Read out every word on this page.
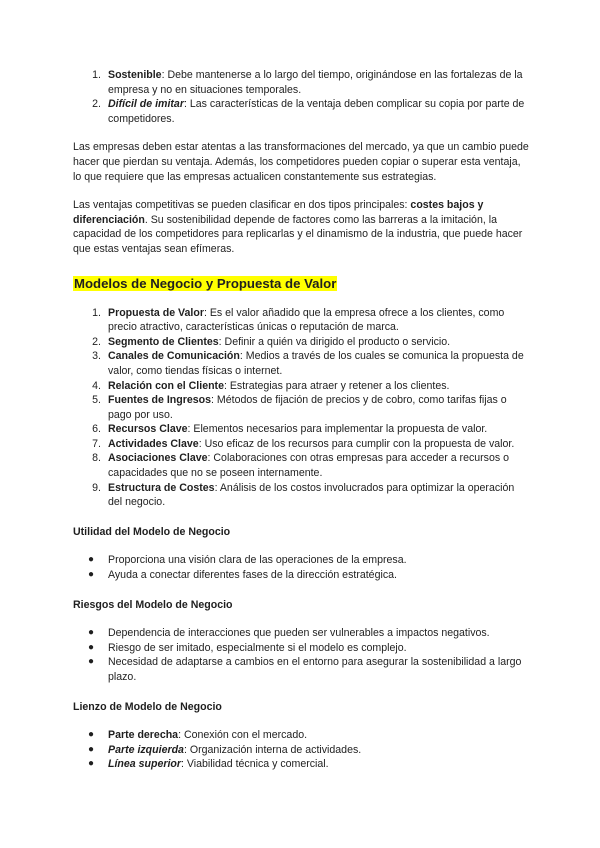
1. Sostenible: Debe mantenerse a lo largo del tiempo, originándose en las fortalezas de la empresa y no en situaciones temporales.
2. Difícil de imitar: Las características de la ventaja deben complicar su copia por parte de competidores.

Las empresas deben estar atentas a las transformaciones del mercado, ya que un cambio puede hacer que pierdan su ventaja. Además, los competidores pueden copiar o superar esta ventaja, lo que requiere que las empresas actualicen constantemente sus estrategias.

Las ventajas competitivas se pueden clasificar en dos tipos principales: costes bajos y diferenciación. Su sostenibilidad depende de factores como las barreras a la imitación, la capacidad de los competidores para replicarlas y el dinamismo de la industria, que puede hacer que estas ventajas sean efímeras.

Modelos de Negocio y Propuesta de Valor
1. Propuesta de Valor: Es el valor añadido que la empresa ofrece a los clientes, como precio atractivo, características únicas o reputación de marca.
2. Segmento de Clientes: Definir a quién va dirigido el producto o servicio.
3. Canales de Comunicación: Medios a través de los cuales se comunica la propuesta de valor, como tiendas físicas o internet.
4. Relación con el Cliente: Estrategias para atraer y retener a los clientes.
5. Fuentes de Ingresos: Métodos de fijación de precios y de cobro, como tarifas fijas o pago por uso.
6. Recursos Clave: Elementos necesarios para implementar la propuesta de valor.
7. Actividades Clave: Uso eficaz de los recursos para cumplir con la propuesta de valor.
8. Asociaciones Clave: Colaboraciones con otras empresas para acceder a recursos o capacidades que no se poseen internamente.
9. Estructura de Costes: Análisis de los costos involucrados para optimizar la operación del negocio.
Utilidad del Modelo de Negocio
● Proporciona una visión clara de las operaciones de la empresa.
● Ayuda a conectar diferentes fases de la dirección estratégica.
Riesgos del Modelo de Negocio
● Dependencia de interacciones que pueden ser vulnerables a impactos negativos.
● Riesgo de ser imitado, especialmente si el modelo es complejo.
● Necesidad de adaptarse a cambios en el entorno para asegurar la sostenibilidad a largo plazo.
Lienzo de Modelo de Negocio
● Parte derecha: Conexión con el mercado.
● Parte izquierda: Organización interna de actividades.
● Línea superior: Viabilidad técnica y comercial.
